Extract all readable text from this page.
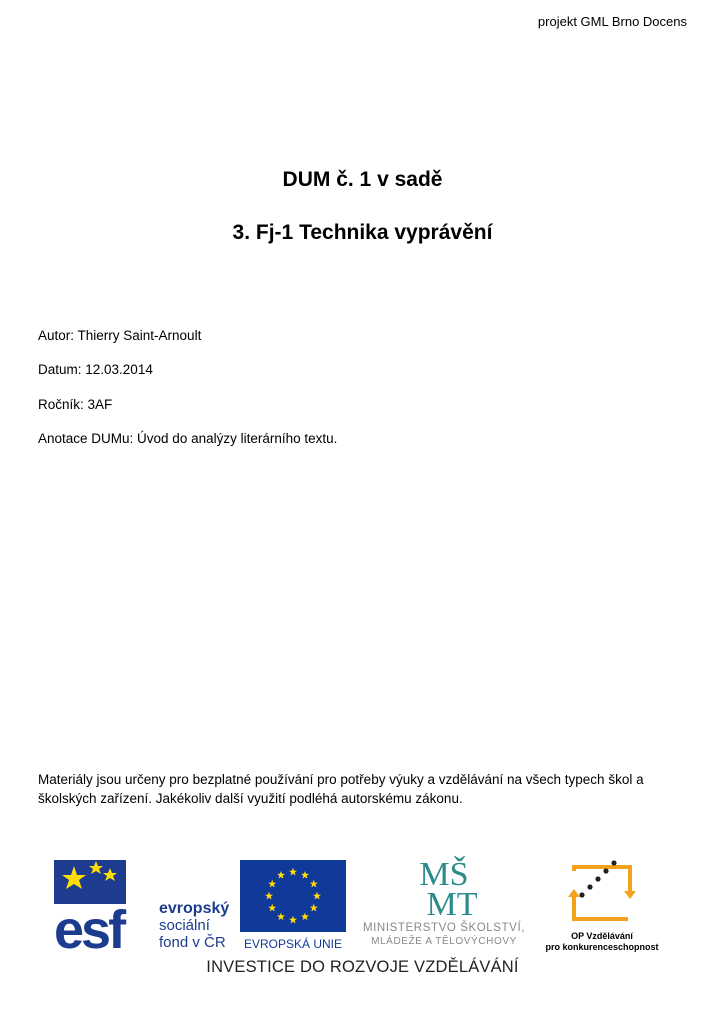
projekt GML Brno Docens
DUM č. 1 v sadě
3. Fj-1 Technika vyprávění
Autor: Thierry Saint-Arnoult
Datum: 12.03.2014
Ročník: 3AF
Anotace DUMu: Úvod do analýzy literárního textu.
Materiály jsou určeny pro bezplatné používání pro potřeby výuky a vzdělávání na všech typech škol a školských zařízení. Jakékoliv další využití podléhá autorskému zákonu.
esf evropský
sociální
fond v ČR EVROPSKÁ UNIE
MŠ
MT
MINISTERSTVO ŠKOLSTVÍ,
MLÁDEŽE A TĚLOVÝCHOVY	OP Vzdělávání
pro konkurenceschopnost
INVESTICE DO ROZVOJE VZDĚLÁVÁNÍ
